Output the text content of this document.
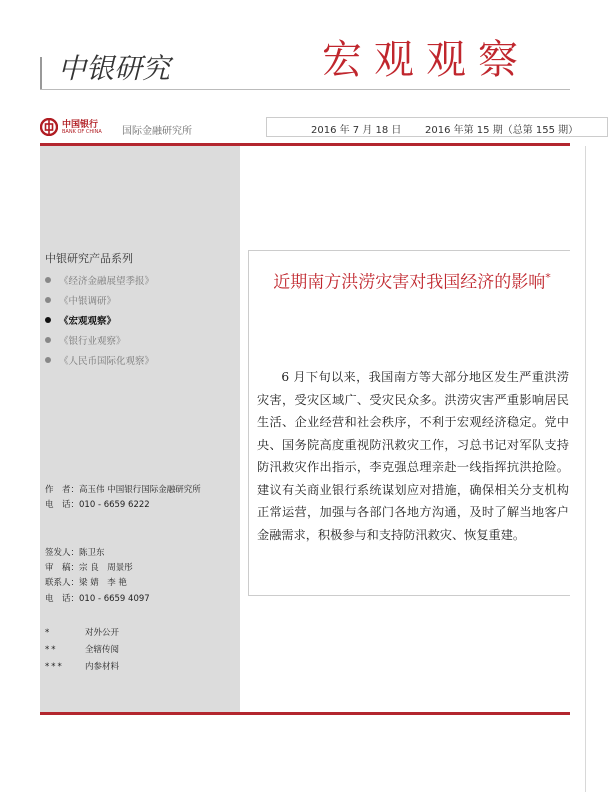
中银研究	宏观观察
中国银行
BANK OF CHINA 国际金融研究所	2016 年 7 月 18 日 2016 年第 15 期（总第 155 期）
中银研究产品系列
《经济金融展望季报》
《中银调研》
《宏观观察》
《银行业观察》
《人民币国际化观察》
作　者：高玉伟 中国银行国际金融研究所
电　话：010 - 6659 6222
签发人：陈卫东
审　稿：宗 良　周景彤
联系人：梁 婧　李 艳
电　话：010 - 6659 4097
*	对外公开
**	全辖传阅
***	内参材料
近期南方洪涝灾害对我国经济的影响*
6 月下旬以来，我国南方等大部分地区发生严重洪涝灾害，受灾区域广、受灾民众多。洪涝灾害严重影响居民生活、企业经营和社会秩序，不利于宏观经济稳定。党中央、国务院高度重视防汛救灾工作，习总书记对军队支持防汛救灾作出指示，李克强总理亲赴一线指挥抗洪抢险。建议有关商业银行系统谋划应对措施，确保相关分支机构正常运营，加强与各部门各地方沟通，及时了解当地客户金融需求，积极参与和支持防汛救灾、恢复重建。
